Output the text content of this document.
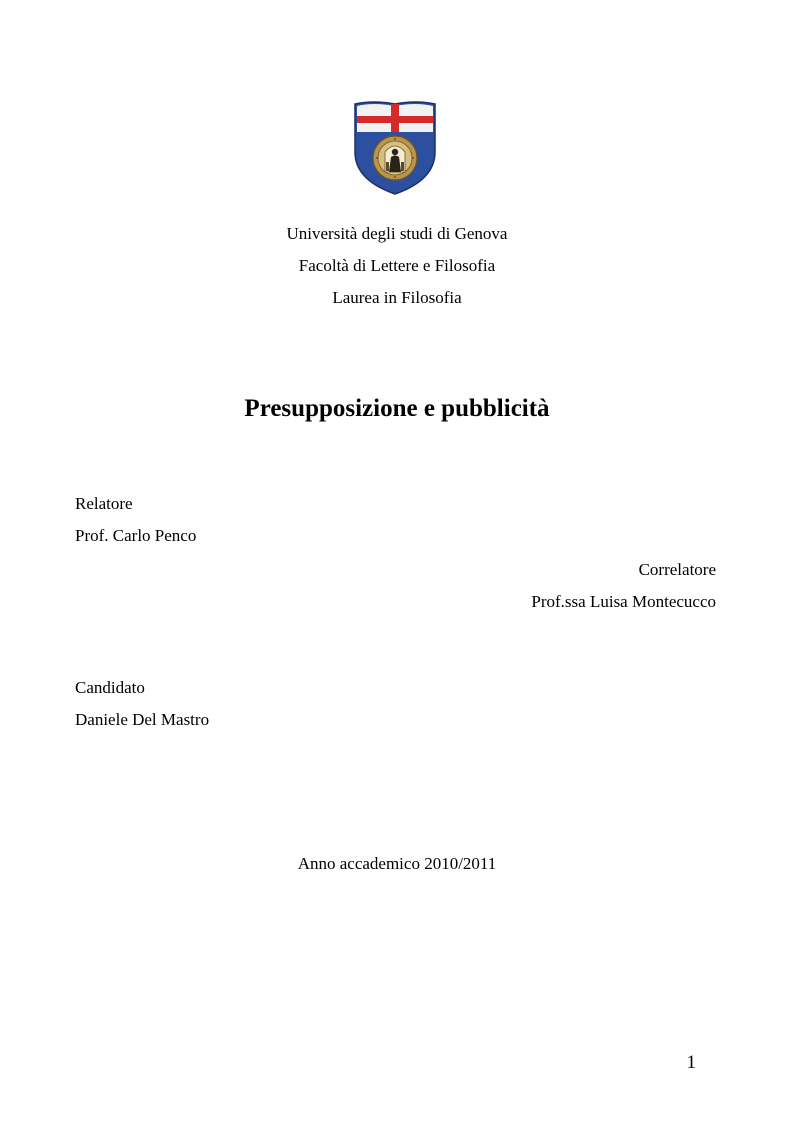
Università degli studi di Genova
Facoltà di Lettere e Filosofia
Laurea in Filosofia
Presupposizione e pubblicità
Relatore
Prof. Carlo Penco
Correlatore
Prof.ssa Luisa Montecucco
Candidato
Daniele Del Mastro
Anno accademico 2010/2011
1
